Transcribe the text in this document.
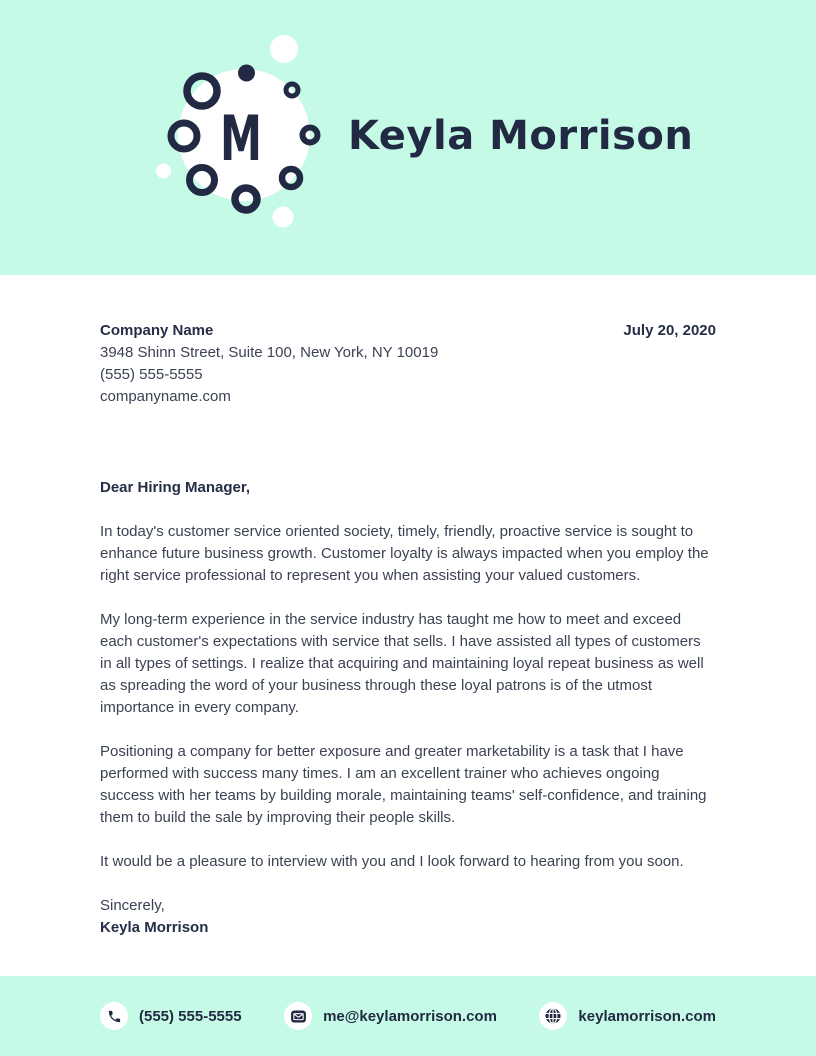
M Keyla Morrison
Company Name
3948 Shinn Street, Suite 100, New York, NY 10019
(555) 555-5555
companyname.com
July 20, 2020

Dear Hiring Manager,

In today's customer service oriented society, timely, friendly, proactive service is sought to enhance future business growth. Customer loyalty is always impacted when you employ the right service professional to represent you when assisting your valued customers.

My long-term experience in the service industry has taught me how to meet and exceed each customer's expectations with service that sells. I have assisted all types of customers in all types of settings. I realize that acquiring and maintaining loyal repeat business as well as spreading the word of your business through these loyal patrons is of the utmost importance in every company.

Positioning a company for better exposure and greater marketability is a task that I have performed with success many times. I am an excellent trainer who achieves ongoing success with her teams by building morale, maintaining teams' self-confidence, and training them to build the sale by improving their people skills.

It would be a pleasure to interview with you and I look forward to hearing from you soon.

Sincerely,

Keyla Morrison

(555) 555-5555	me@keylamorrison.com	keylamorrison.com
